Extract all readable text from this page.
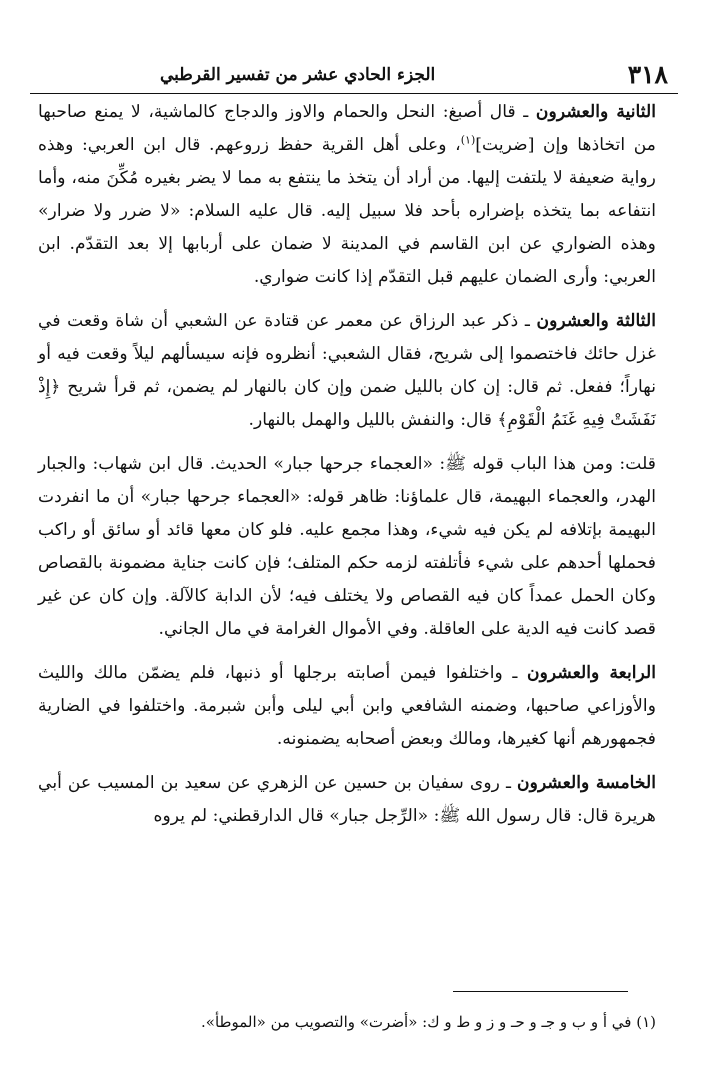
٣١٨
الجزء الحادي عشر من تفسير القرطبي

الثانية والعشرون ـ قال أصبغ: النحل والحمام والاوز والدجاج كالماشية، لا يمنع صاحبها من اتخاذها وإن [ضريت]$^{(١)}$، وعلى أهل القرية حفظ زروعهم. قال ابن العربي: وهذه رواية ضعيفة لا يلتفت إليها. من أراد أن يتخذ ما ينتفع به مما لا يضر بغيره مُكِّنَ منه، وأما انتفاعه بما يتخذه بإضراره بأحد فلا سبيل إليه. قال عليه السلام: «لا ضرر ولا ضرار» وهذه الضواري عن ابن القاسم في المدينة لا ضمان على أربابها إلا بعد التقدّم. ابن العربي: وأرى الضمان عليهم قبل التقدّم إذا كانت ضواري.

الثالثة والعشرون ـ ذكر عبد الرزاق عن معمر عن قتادة عن الشعبي أن شاة وقعت في غزل حائك فاختصموا إلى شريح، فقال الشعبي: أنظروه فإنه سيسألهم ليلاً وقعت فيه أو نهاراً؛ ففعل. ثم قال: إن كان بالليل ضمن وإن كان بالنهار لم يضمن، ثم قرأ شريح ﴿إِذْ نَفَشَتْ فِيهِ غَنَمُ الْقَوْمِ﴾ قال: والنفش بالليل والهمل بالنهار.

قلت: ومن هذا الباب قوله ﷺ: «العجماء جرحها جبار» الحديث. قال ابن شهاب: والجبار الهدر، والعجماء البهيمة، قال علماؤنا: ظاهر قوله: «العجماء جرحها جبار» أن ما انفردت البهيمة بإتلافه لم يكن فيه شيء، وهذا مجمع عليه. فلو كان معها قائد أو سائق أو راكب فحملها أحدهم على شيء فأتلفته لزمه حكم المتلف؛ فإن كانت جناية مضمونة بالقصاص وكان الحمل عمداً كان فيه القصاص ولا يختلف فيه؛ لأن الدابة كالآلة. وإن كان عن غير قصد كانت فيه الدية على العاقلة. وفي الأموال الغرامة في مال الجاني.

الرابعة والعشرون ـ واختلفوا فيمن أصابته برجلها أو ذنبها، فلم يضمّن مالك والليث والأوزاعي صاحبها، وضمنه الشافعي وابن أبي ليلى وأبن شبرمة. واختلفوا في الضارية فجمهورهم أنها كغيرها، ومالك وبعض أصحابه يضمنونه.

الخامسة والعشرون ـ روى سفيان بن حسين عن الزهري عن سعيد بن المسيب عن أبي هريرة قال: قال رسول الله ﷺ: «الرِّجل جبار» قال الدارقطني: لم يروه

(١) في أ و ب و جـ و حـ و ز و ط و ك: «أضرت» والتصويب من «الموطأ».
